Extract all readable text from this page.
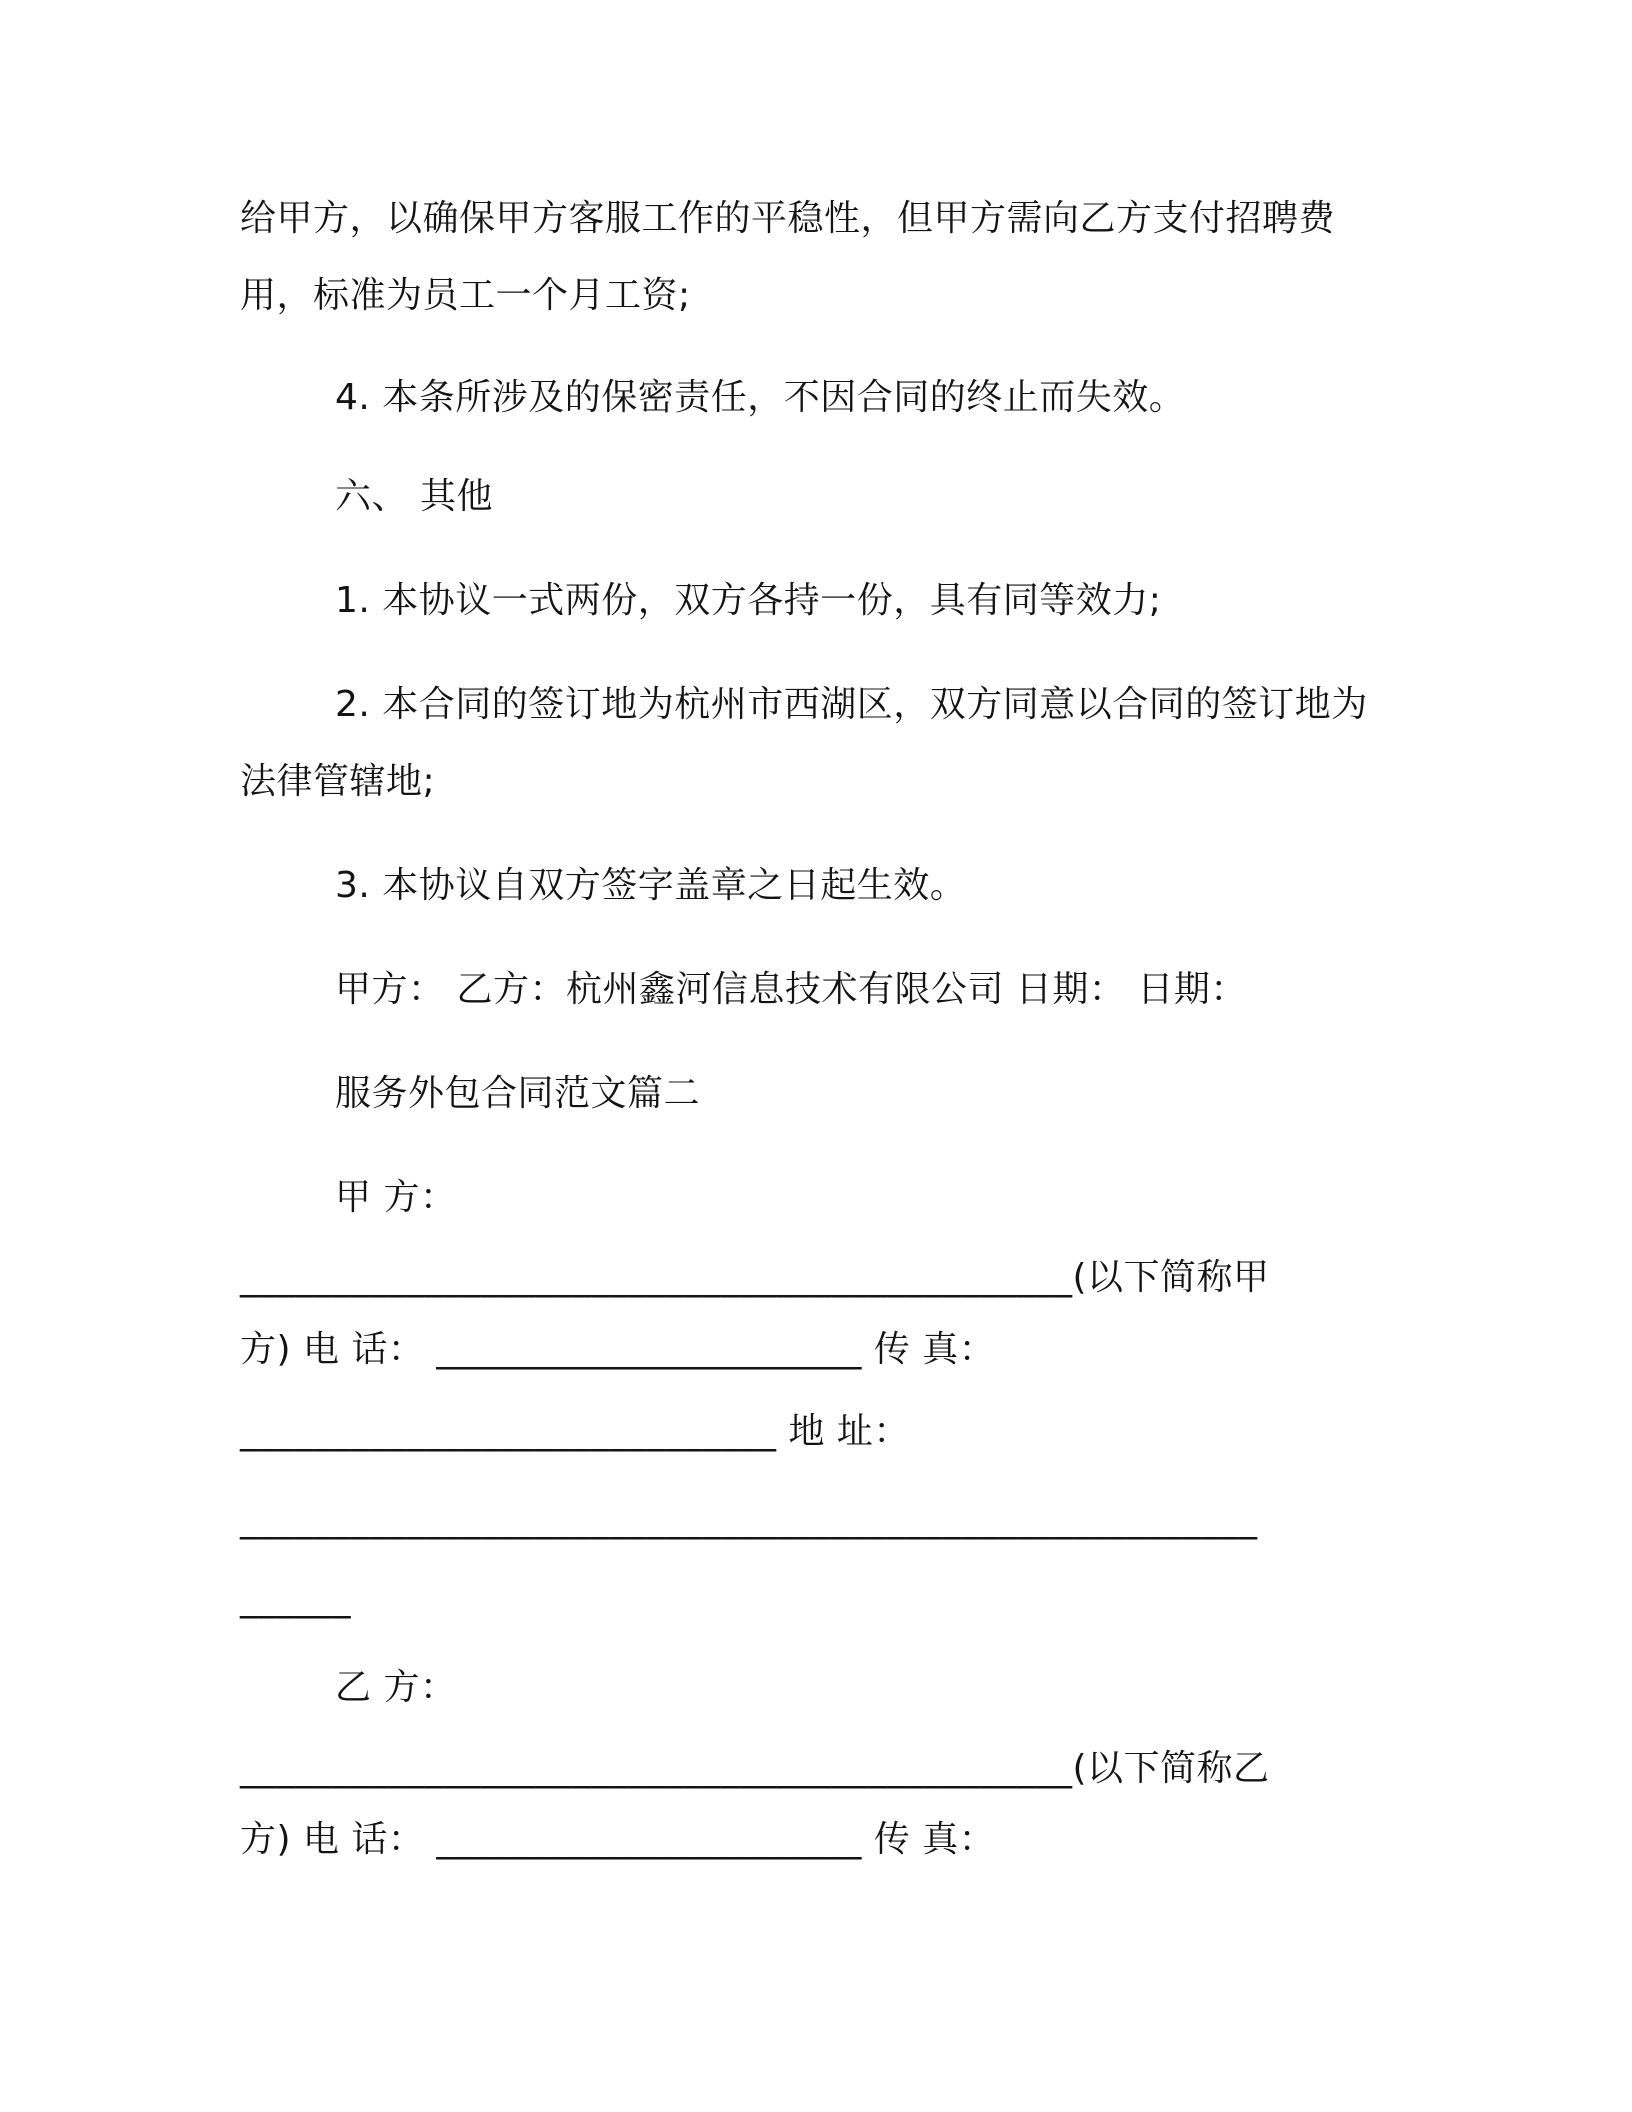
给甲方，以确保甲方客服工作的平稳性，但甲方需向乙方支付招聘费
用，标准为员工一个月工资;
4. 本条所涉及的保密责任，不因合同的终止而失效。
六、 其他
1. 本协议一式两份，双方各持一份，具有同等效力;
2. 本合同的签订地为杭州市西湖区，双方同意以合同的签订地为
法律管辖地;
3. 本协议自双方签字盖章之日起生效。
甲方： 乙方：杭州鑫河信息技术有限公司 日期： 日期：
服务外包合同范文篇二
甲 方：
_____________________________________________(以下简称甲
方) 电 话： _______________________ 传 真：
_____________________________ 地 址：
_______________________________________________________
______
乙 方：
_____________________________________________(以下简称乙
方) 电 话： _______________________ 传 真：
